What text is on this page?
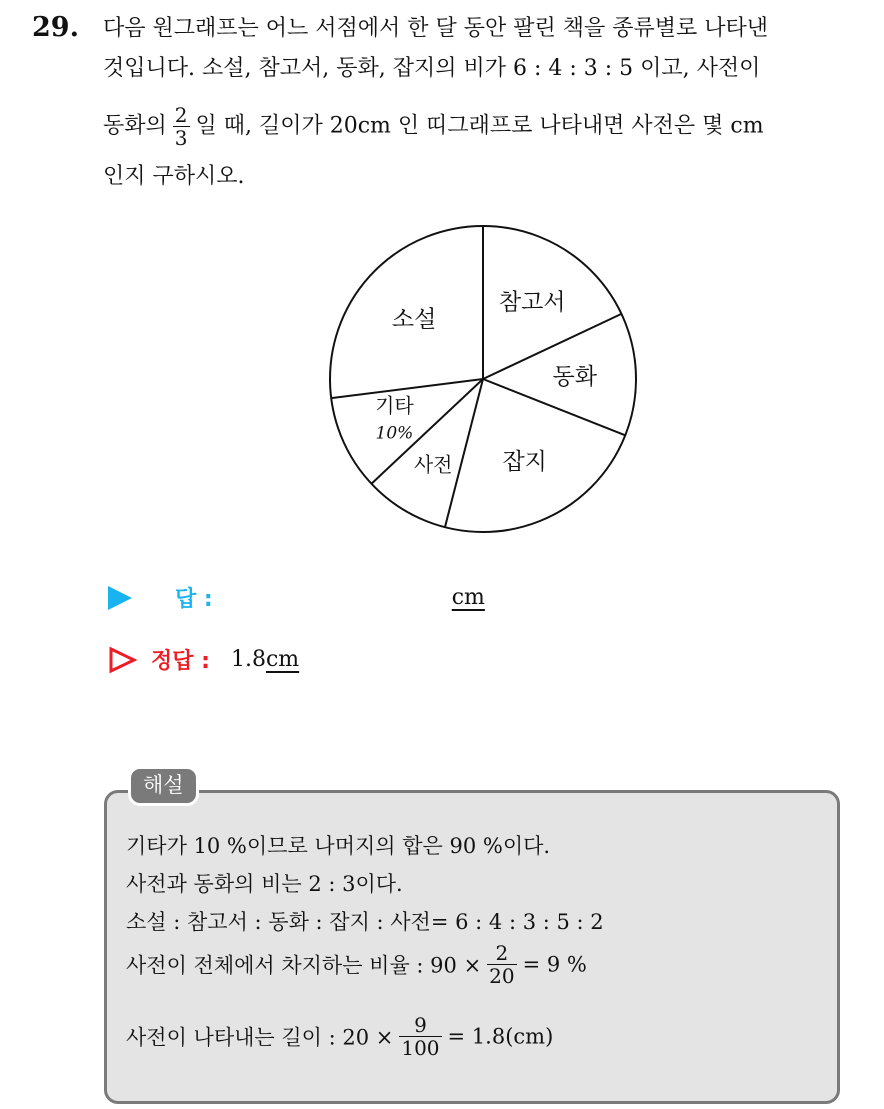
29. 다음 원그래프는 어느 서점에서 한 달 동안 팔린 책을 종류별로 나타낸
것입니다. 소설, 참고서, 동화, 잡지의 비가 6 : 4 : 3 : 5 이고, 사전이
동화의 $\frac{2}{3}$ 일 때, 길이가 20cm 인 띠그래프로 나타내면 사전은 몇 cm
인지 구하시오.
참고서
동화
잡지
사전
기타
10%
소설
답 :	cm
정답 : 1.8cm
해설
기타가 10 %이므로 나머지의 합은 90 %이다.
사전과 동화의 비는 2 : 3이다.
소설 : 참고서 : 동화 : 잡지 : 사전= 6 : 4 : 3 : 5 : 2
사전이 전체에서 차지하는 비율 : $90 \times \frac{2}{20} = 9$ %
사전이 나타내는 길이 : $20 \times \frac{9}{100} = 1.8(cm)$
